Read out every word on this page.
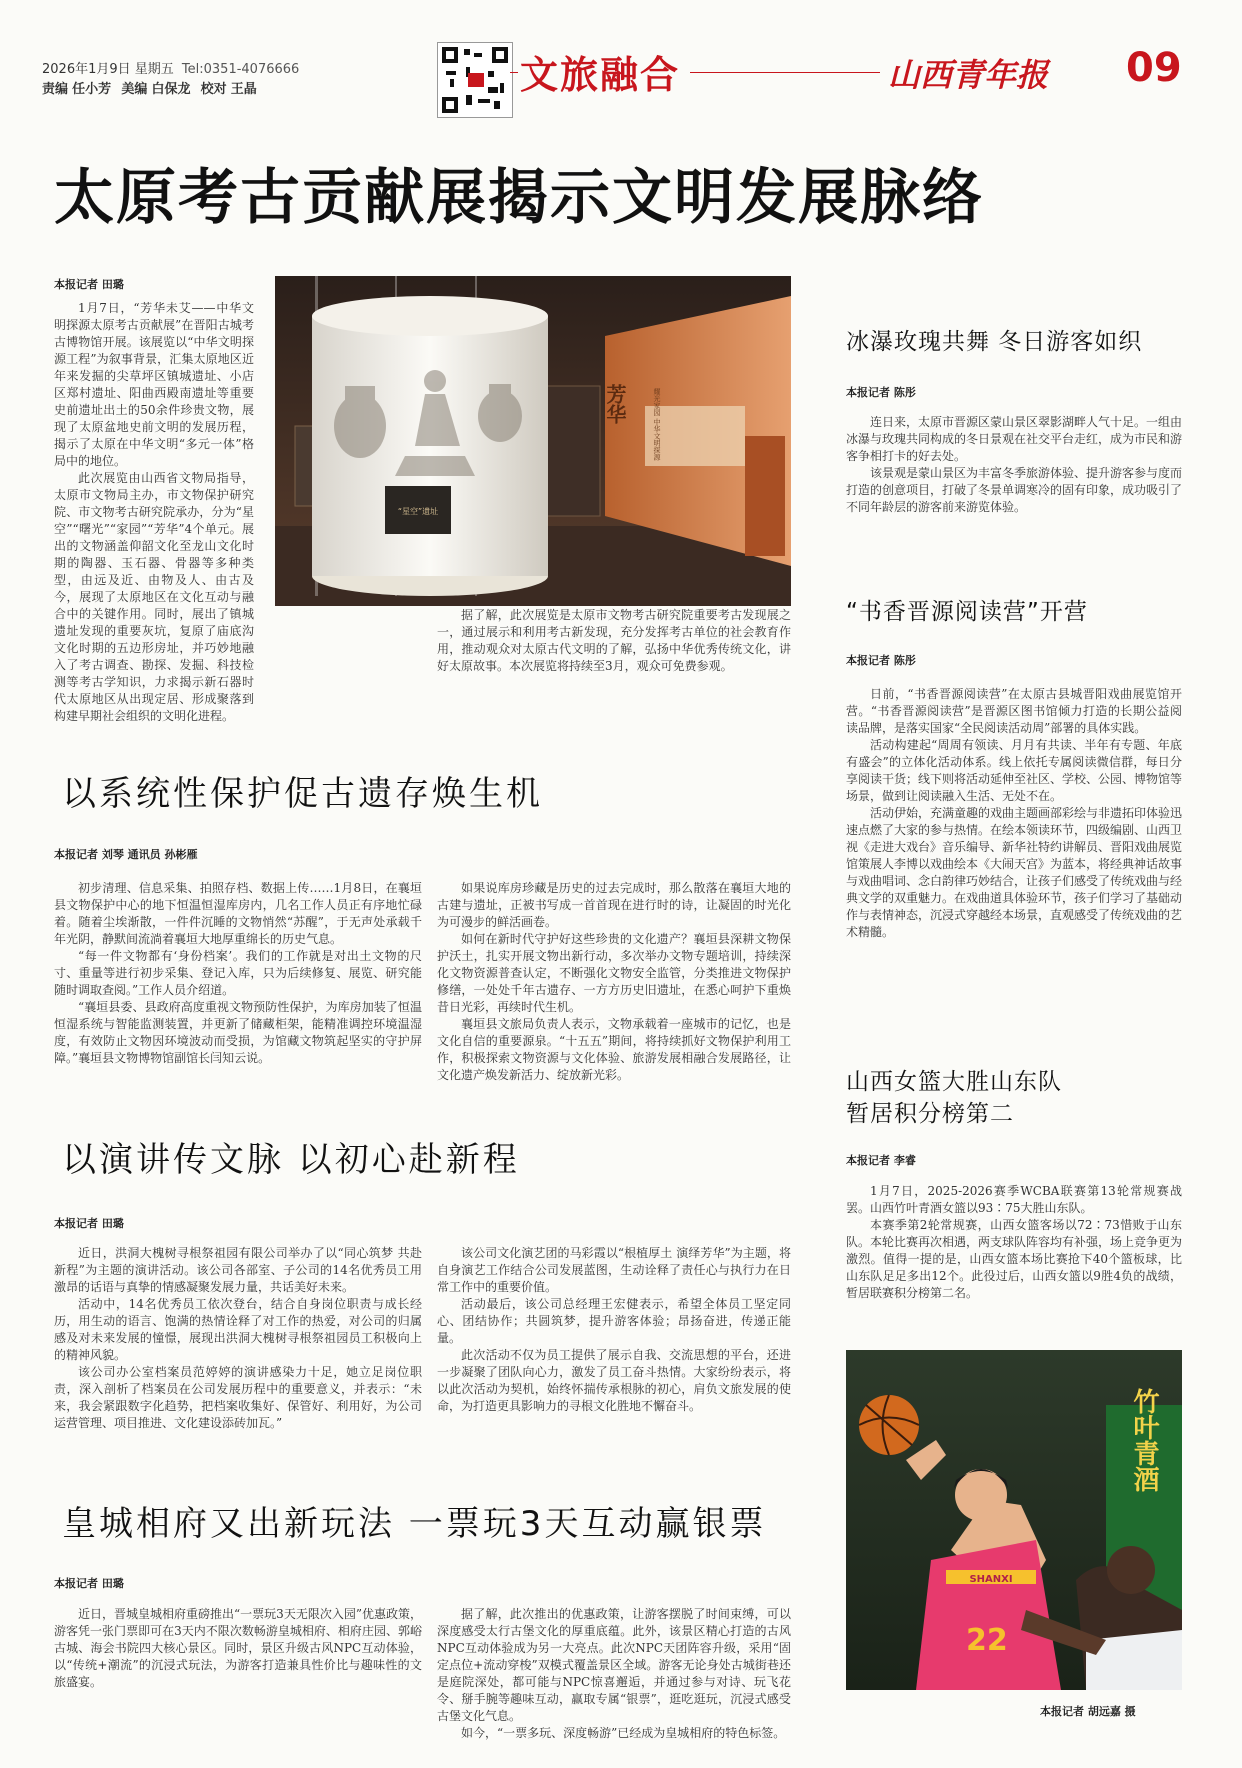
2026年1月9日 星期五 Tel:0351-4076666
责编 任小芳 美编 白保龙 校对 王晶	文旅融合	山西青年报 09
太原考古贡献展揭示文明发展脉络
本报记者 田璐

1月7日，“芳华未艾——中华文明探源太原考古贡献展”在晋阳古城考古博物馆开展。该展览以“中华文明探源工程”为叙事背景，汇集太原地区近年来发掘的尖草坪区镇城遗址、小店区郑村遗址、阳曲西殿南遗址等重要史前遗址出土的50余件珍贵文物，展现了太原盆地史前文明的发展历程，揭示了太原在中华文明“多元一体”格局中的地位。

此次展览由山西省文物局指导，太原市文物局主办，市文物保护研究院、市文物考古研究院承办，分为“星空”“曙光”“家园”“芳华”4个单元。展出的文物涵盖仰韶文化至龙山文化时期的陶器、玉石器、骨器等多种类型，由远及近、由物及人、由古及今，展现了太原地区在文化互动与融合中的关键作用。同时，展出了镇城遗址发现的重要灰坑，复原了庙底沟文化时期的五边形房址，并巧妙地融入了考古调查、勘探、发掘、科技检测等考古学知识，力求揭示新石器时代太原地区从出现定居、形成聚落到构建早期社会组织的文明化进程。

“星空”遗址
芳华	耀光家园 中华文明探源

据了解，此次展览是太原市文物考古研究院重要考古发现展之一，通过展示和利用考古新发现，充分发挥考古单位的社会教育作用，推动观众对太原古代文明的了解，弘扬中华优秀传统文化，讲好太原故事。本次展览将持续至3月，观众可免费参观。

以系统性保护促古遗存焕生机
本报记者 刘琴 通讯员 孙彬雁

初步清理、信息采集、拍照存档、数据上传……1月8日，在襄垣县文物保护中心的地下恒温恒湿库房内，几名工作人员正有序地忙碌着。随着尘埃渐散，一件件沉睡的文物悄然“苏醒”，于无声处承载千年光阴，静默间流淌着襄垣大地厚重绵长的历史气息。

“每一件文物都有‘身份档案’。我们的工作就是对出土文物的尺寸、重量等进行初步采集、登记入库，只为后续修复、展览、研究能随时调取查阅。”工作人员介绍道。

“襄垣县委、县政府高度重视文物预防性保护，为库房加装了恒温恒湿系统与智能监测装置，并更新了储藏柜架，能精准调控环境温湿度，有效防止文物因环境波动而受损，为馆藏文物筑起坚实的守护屏障。”襄垣县文物博物馆副馆长闫知云说。

如果说库房珍藏是历史的过去完成时，那么散落在襄垣大地的古建与遗址，正被书写成一首首现在进行时的诗，让凝固的时光化为可漫步的鲜活画卷。

如何在新时代守护好这些珍贵的文化遗产？襄垣县深耕文物保护沃土，扎实开展文物出新行动，多次举办文物专题培训，持续深化文物资源普查认定，不断强化文物安全监管，分类推进文物保护修缮，一处处千年古遗存、一方方历史旧遗址，在悉心呵护下重焕昔日光彩，再续时代生机。

襄垣县文旅局负责人表示，文物承载着一座城市的记忆，也是文化自信的重要源泉。“十五五”期间，将持续抓好文物保护利用工作，积极探索文物资源与文化体验、旅游发展相融合发展路径，让文化遗产焕发新活力、绽放新光彩。

以演讲传文脉 以初心赴新程
本报记者 田璐

近日，洪洞大槐树寻根祭祖园有限公司举办了以“同心筑梦 共赴新程”为主题的演讲活动。该公司各部室、子公司的14名优秀员工用激昂的话语与真挚的情感凝聚发展力量，共话美好未来。

活动中，14名优秀员工依次登台，结合自身岗位职责与成长经历，用生动的语言、饱满的热情诠释了对工作的热爱，对公司的归属感及对未来发展的憧憬，展现出洪洞大槐树寻根祭祖园员工积极向上的精神风貌。

该公司办公室档案员范婷婷的演讲感染力十足，她立足岗位职责，深入剖析了档案员在公司发展历程中的重要意义，并表示：“未来，我会紧跟数字化趋势，把档案收集好、保管好、利用好，为公司运营管理、项目推进、文化建设添砖加瓦。”

该公司文化演艺团的马彩霞以“根植厚土 演绎芳华”为主题，将自身演艺工作结合公司发展蓝图，生动诠释了责任心与执行力在日常工作中的重要价值。

活动最后，该公司总经理王宏健表示，希望全体员工坚定同心、团结协作；共圆筑梦，提升游客体验；昂扬奋进，传递正能量。

此次活动不仅为员工提供了展示自我、交流思想的平台，还进一步凝聚了团队向心力，激发了员工奋斗热情。大家纷纷表示，将以此次活动为契机，始终怀揣传承根脉的初心，肩负文旅发展的使命，为打造更具影响力的寻根文化胜地不懈奋斗。

皇城相府又出新玩法 一票玩3天互动赢银票
本报记者 田璐

近日，晋城皇城相府重磅推出“一票玩3天无限次入园”优惠政策，游客凭一张门票即可在3天内不限次数畅游皇城相府、相府庄园、郭峪古城、海会书院四大核心景区。同时，景区升级古风NPC互动体验，以“传统+潮流”的沉浸式玩法，为游客打造兼具性价比与趣味性的文旅盛宴。

据了解，此次推出的优惠政策，让游客摆脱了时间束缚，可以深度感受太行古堡文化的厚重底蕴。此外，该景区精心打造的古风NPC互动体验成为另一大亮点。此次NPC天团阵容升级，采用“固定点位+流动穿梭”双模式覆盖景区全域。游客无论身处古城街巷还是庭院深处，都可能与NPC惊喜邂逅，并通过参与对诗、玩飞花令、掰手腕等趣味互动，赢取专属“银票”，逛吃逛玩，沉浸式感受古堡文化气息。

如今，“一票多玩、深度畅游”已经成为皇城相府的特色标签。

冰瀑玫瑰共舞 冬日游客如织
本报记者 陈彤

连日来，太原市晋源区蒙山景区翠影湖畔人气十足。一组由冰瀑与玫瑰共同构成的冬日景观在社交平台走红，成为市民和游客争相打卡的好去处。

该景观是蒙山景区为丰富冬季旅游体验、提升游客参与度而打造的创意项目，打破了冬景单调寒冷的固有印象，成功吸引了不同年龄层的游客前来游览体验。

“书香晋源阅读营”开营
本报记者 陈彤

日前，“书香晋源阅读营”在太原古县城晋阳戏曲展览馆开营。“书香晋源阅读营”是晋源区图书馆倾力打造的长期公益阅读品牌，是落实国家“全民阅读活动周”部署的具体实践。

活动构建起“周周有领读、月月有共读、半年有专题、年底有盛会”的立体化活动体系。线上依托专属阅读微信群，每日分享阅读干货；线下则将活动延伸至社区、学校、公园、博物馆等场景，做到让阅读融入生活、无处不在。

活动伊始，充满童趣的戏曲主题画部彩绘与非遗拓印体验迅速点燃了大家的参与热情。在绘本领读环节，四级编剧、山西卫视《走进大戏台》音乐编导、新华社特约讲解员、晋阳戏曲展览馆策展人李博以戏曲绘本《大闹天宫》为蓝本，将经典神话故事与戏曲唱词、念白韵律巧妙结合，让孩子们感受了传统戏曲与经典文学的双重魅力。在戏曲道具体验环节，孩子们学习了基础动作与表情神态，沉浸式穿越经本场景，直观感受了传统戏曲的艺术精髓。

山西女篮大胜山东队
暂居积分榜第二
本报记者 李睿

1月7日，2025-2026赛季WCBA联赛第13轮常规赛战罢。山西竹叶青酒女篮以93∶75大胜山东队。

本赛季第2轮常规赛，山西女篮客场以72∶73惜败于山东队。本轮比赛再次相遇，两支球队阵容均有补强，场上竞争更为激烈。值得一提的是，山西女篮本场比赛抢下40个篮板球，比山东队足足多出12个。此役过后，山西女篮以9胜4负的战绩，暂居联赛积分榜第二名。

竹叶青酒
SHANXI
22
本报记者 胡远嘉 摄
